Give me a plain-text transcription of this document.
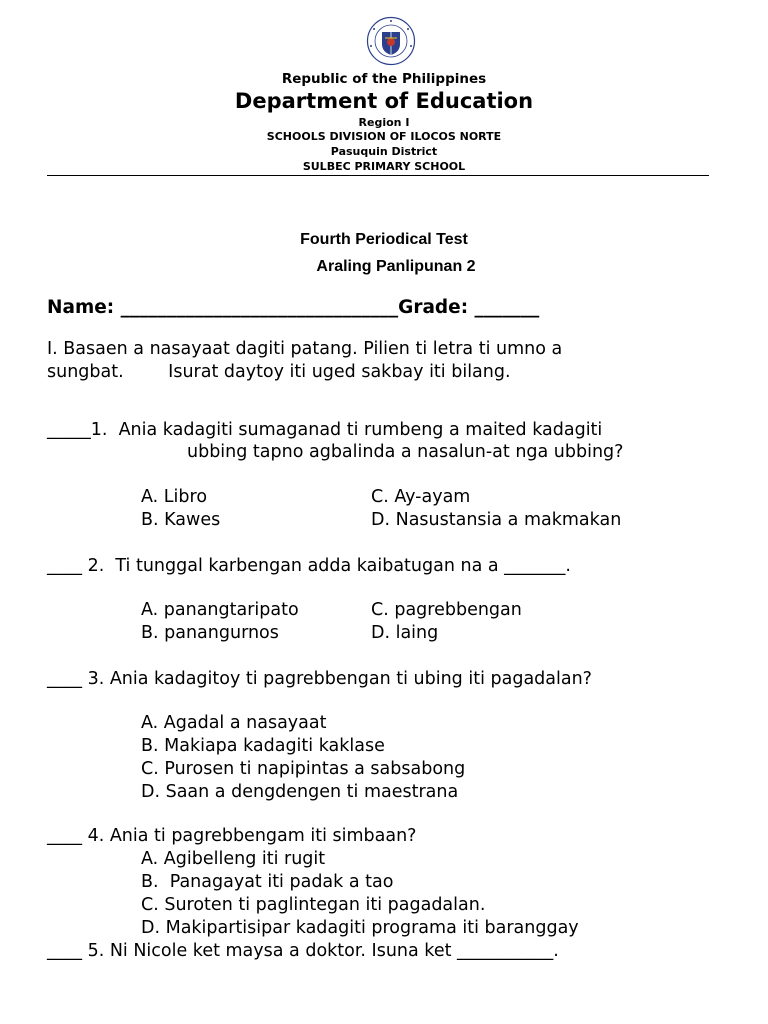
Republic of the Philippines
Department of Education
Region I
SCHOOLS DIVISION OF ILOCOS NORTE
Pasuquin District
SULBEC PRIMARY SCHOOL
Fourth Periodical Test
Araling Panlipunan 2
Name: ______________________________Grade: _______
I. Basaen a nasayaat dagiti patang. Pilien ti letra ti umno a
sungbat.        Isurat daytoy iti uged sakbay iti bilang.
_____1.  Ania kadagiti sumaganad ti rumbeng a maited kadagiti
ubbing tapno agbalinda a nasalun-at nga ubbing?
A. Libro	C. Ay-ayam
B. Kawes	D. Nasustansia a makmakan
____ 2.  Ti tunggal karbengan adda kaibatugan na a _______.
A. panangtaripato	C. pagrebbengan
B. panangurnos	D. laing
____ 3. Ania kadagitoy ti pagrebbengan ti ubing iti pagadalan?
A. Agadal a nasayaat
B. Makiapa kadagiti kaklase
C. Purosen ti napipintas a sabsabong
D. Saan a dengdengen ti maestrana
____ 4. Ania ti pagrebbengam iti simbaan?
A. Agibelleng iti rugit
B.  Panagayat iti padak a tao
C. Suroten ti paglintegan iti pagadalan.
D. Makipartisipar kadagiti programa iti baranggay
____ 5. Ni Nicole ket maysa a doktor. Isuna ket ___________.
